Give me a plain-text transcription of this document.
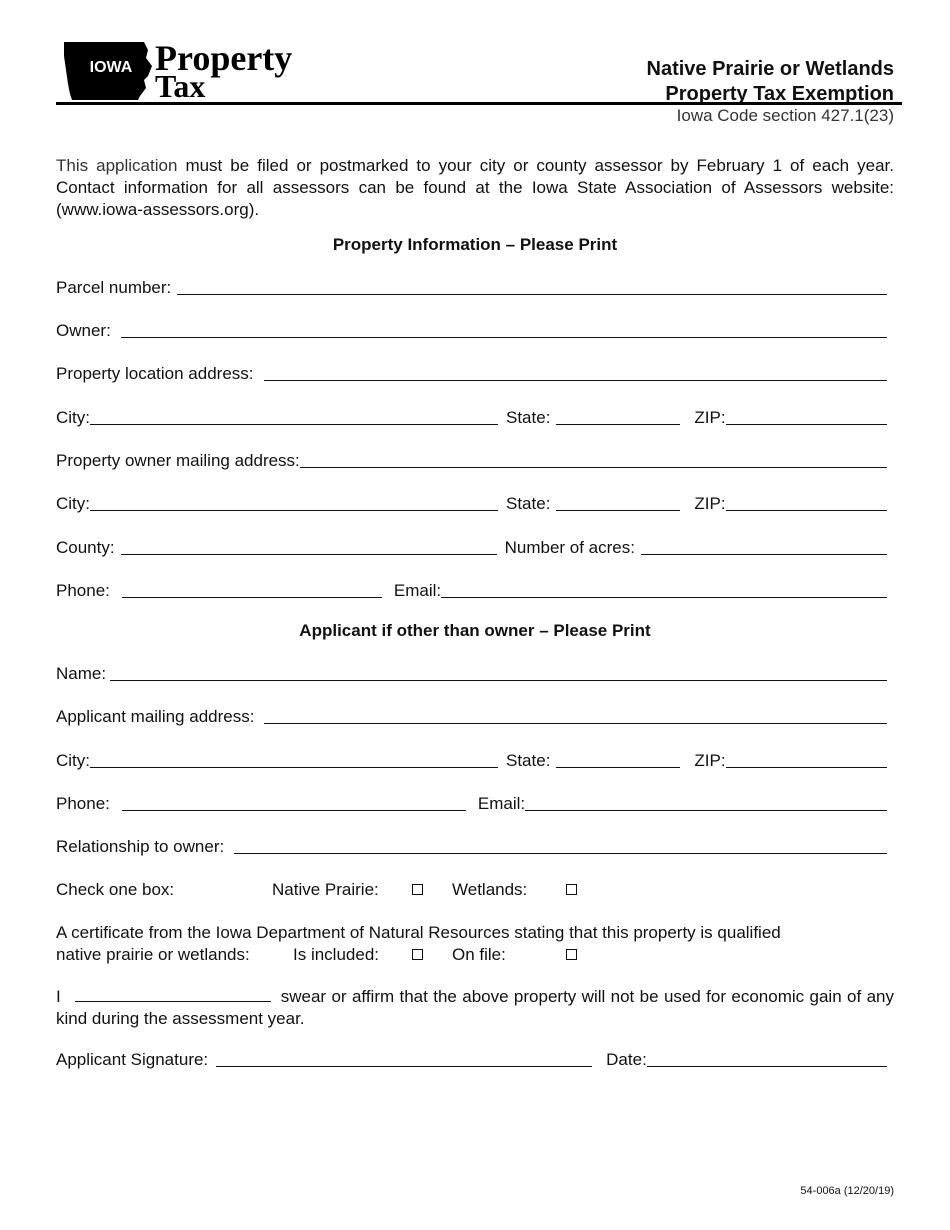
IOWA Property
Tax	Native Prairie or Wetlands
Property Tax Exemption
Iowa Code section 427.1(23)
This application must be filed or postmarked to your city or county assessor by February 1 of each year. Contact information for all assessors can be found at the Iowa State Association of Assessors website: (www.iowa-assessors.org).
Property Information – Please Print
Parcel number:
Owner:
Property location address:
City:	State:	ZIP:
Property owner mailing address:
City:	State:	ZIP:
County:	Number of acres:
Phone:	Email:
Applicant if other than owner – Please Print
Name:
Applicant mailing address:
City:	State:	ZIP:
Phone:	Email:
Relationship to owner:
Check one box:	Native Prairie:	Wetlands:
A certificate from the Iowa Department of Natural Resources stating that this property is qualified
native prairie or wetlands:	Is included:	On file:
I	swear or affirm that the above property will not be used for economic gain of any kind during the assessment year.
Applicant Signature:	Date:
54-006a (12/20/19)
